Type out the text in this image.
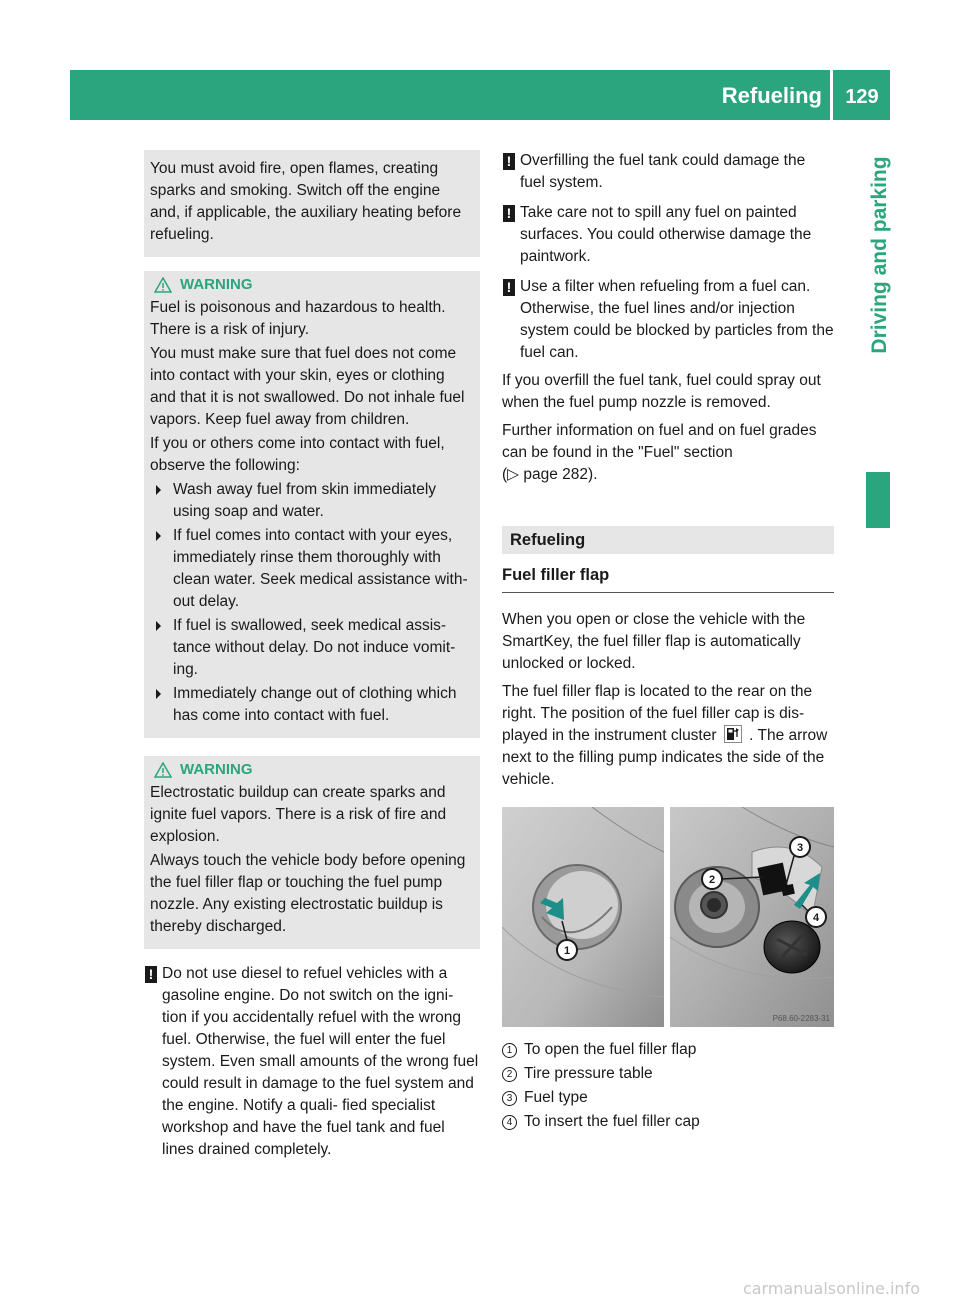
Refueling	129
Driving and parking

You must avoid fire, open flames, creating sparks and smoking. Switch off the engine and, if applicable, the auxiliary heating before refueling.

WARNING

Fuel is poisonous and hazardous to health. There is a risk of injury.

You must make sure that fuel does not come into contact with your skin, eyes or clothing and that it is not swallowed. Do not inhale fuel vapors. Keep fuel away from children.

If you or others come into contact with fuel, observe the following:

Wash away fuel from skin immediately using soap and water.
If fuel comes into contact with your eyes, immediately rinse them thoroughly with clean water. Seek medical assistance with- out delay.
If fuel is swallowed, seek medical assis- tance without delay. Do not induce vomit- ing.
Immediately change out of clothing which has come into contact with fuel.
WARNING

Electrostatic buildup can create sparks and ignite fuel vapors. There is a risk of fire and explosion.

Always touch the vehicle body before opening the fuel filler flap or touching the fuel pump nozzle. Any existing electrostatic buildup is thereby discharged.

! Do not use diesel to refuel vehicles with a gasoline engine. Do not switch on the igni- tion if you accidentally refuel with the wrong fuel. Otherwise, the fuel will enter the fuel system. Even small amounts of the wrong fuel could result in damage to the fuel system and the engine. Notify a quali- fied specialist workshop and have the fuel tank and fuel lines drained completely.
! Overfilling the fuel tank could damage the fuel system.
! Take care not to spill any fuel on painted surfaces. You could otherwise damage the paintwork.
! Use a filter when refueling from a fuel can. Otherwise, the fuel lines and/or injection system could be blocked by particles from the fuel can.

If you overfill the fuel tank, fuel could spray out when the fuel pump nozzle is removed.

Further information on fuel and on fuel grades can be found in the "Fuel" section
(▷ page 282).

Refueling
Fuel filler flap

When you open or close the vehicle with the SmartKey, the fuel filler flap is automatically unlocked or locked.

The fuel filler flap is located to the rear on the right. The position of the fuel filler cap is dis- played in the instrument cluster . The arrow next to the filling pump indicates the side of the vehicle.

1
2
3
4
P68.60-2283-31
1 To open the fuel filler flap
2 Tire pressure table
3 Fuel type
4 To insert the fuel filler cap
carmanualsonline.info
